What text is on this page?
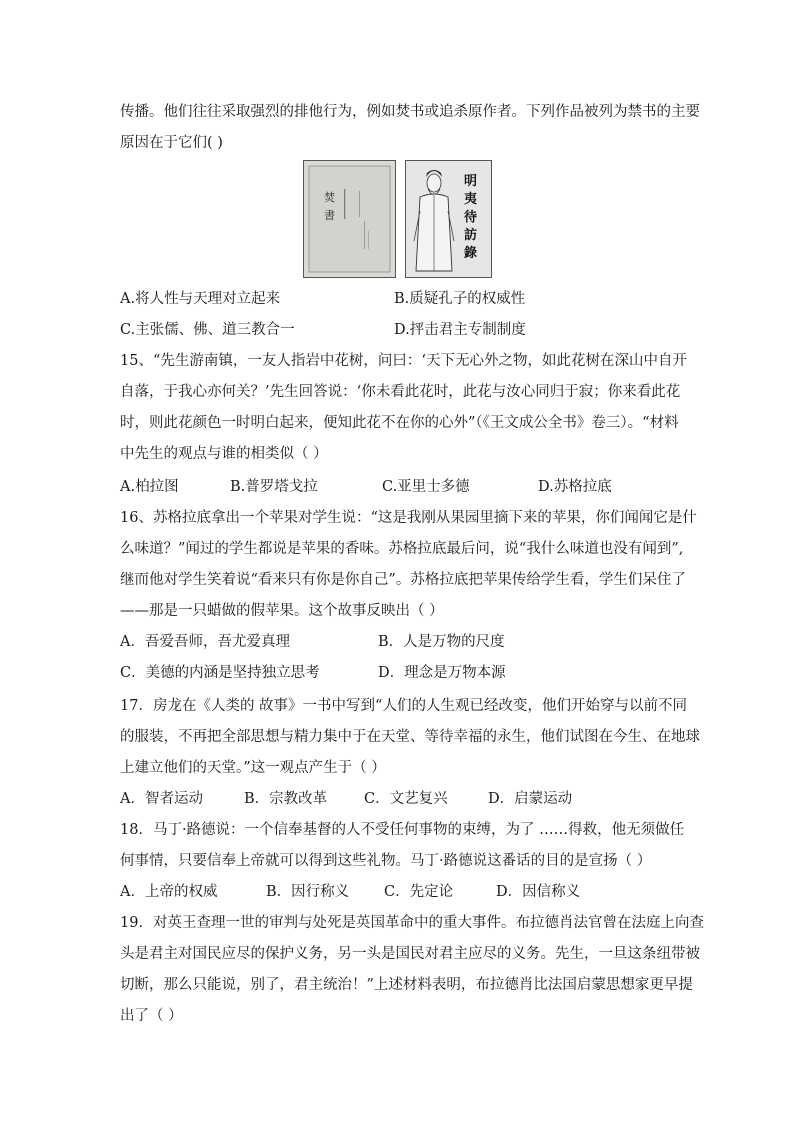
传播。他们往往采取强烈的排他行为，例如焚书或追杀原作者。下列作品被列为禁书的主要
原因在于它们( )
焚
書
明
夷
待
訪
錄
A.将人性与天理对立起来	B.质疑孔子的权威性
C.主张儒、佛、道三教合一	D.抨击君主专制制度
15、“先生游南镇，一友人指岩中花树，问曰：‘天下无心外之物，如此花树在深山中自开
自落，于我心亦何关？’先生回答说：‘你未看此花时，此花与汝心同归于寂；你来看此花
时，则此花颜色一时明白起来，便知此花不在你的心外”（《王文成公全书》卷三）。“材料
中先生的观点与谁的相类似（ ）
A.柏拉图	B.普罗塔戈拉	C.亚里士多德	D.苏格拉底
16、苏格拉底拿出一个苹果对学生说：“这是我刚从果园里摘下来的苹果，你们闻闻它是什
么味道？”闻过的学生都说是苹果的香味。苏格拉底最后问，说“我什么味道也没有闻到”,
继而他对学生笑着说“看来只有你是你自己”。苏格拉底把苹果传给学生看，学生们呆住了
——那是一只蜡做的假苹果。这个故事反映出（ ）
A．吾爱吾师，吾尤爱真理	B．人是万物的尺度
C．美德的内涵是坚持独立思考	D．理念是万物本源
17．房龙在《人类的 故事》一书中写到“人们的人生观已经改变，他们开始穿与以前不同
的服装，不再把全部思想与精力集中于在天堂、等待幸福的永生，他们试图在今生、在地球
上建立他们的天堂。”这一观点产生于（ ）
A．智者运动	B．宗教改革	C．文艺复兴	D．启蒙运动
18．马丁·路德说：一个信奉基督的人不受任何事物的束缚，为了 ……得救，他无须做任
何事情，只要信奉上帝就可以得到这些礼物。马丁·路德说这番话的目的是宣扬（ ）
A．上帝的权威	B．因行称义 C．先定论	D．因信称义
19．对英王查理一世的审判与处死是英国革命中的重大事件。布拉德肖法官曾在法庭上向查
头是君主对国民应尽的保护义务，另一头是国民对君主应尽的义务。先生，一旦这条纽带被
切断，那么只能说，别了，君主统治！”上述材料表明，布拉德肖比法国启蒙思想家更早提
出了（ ）
